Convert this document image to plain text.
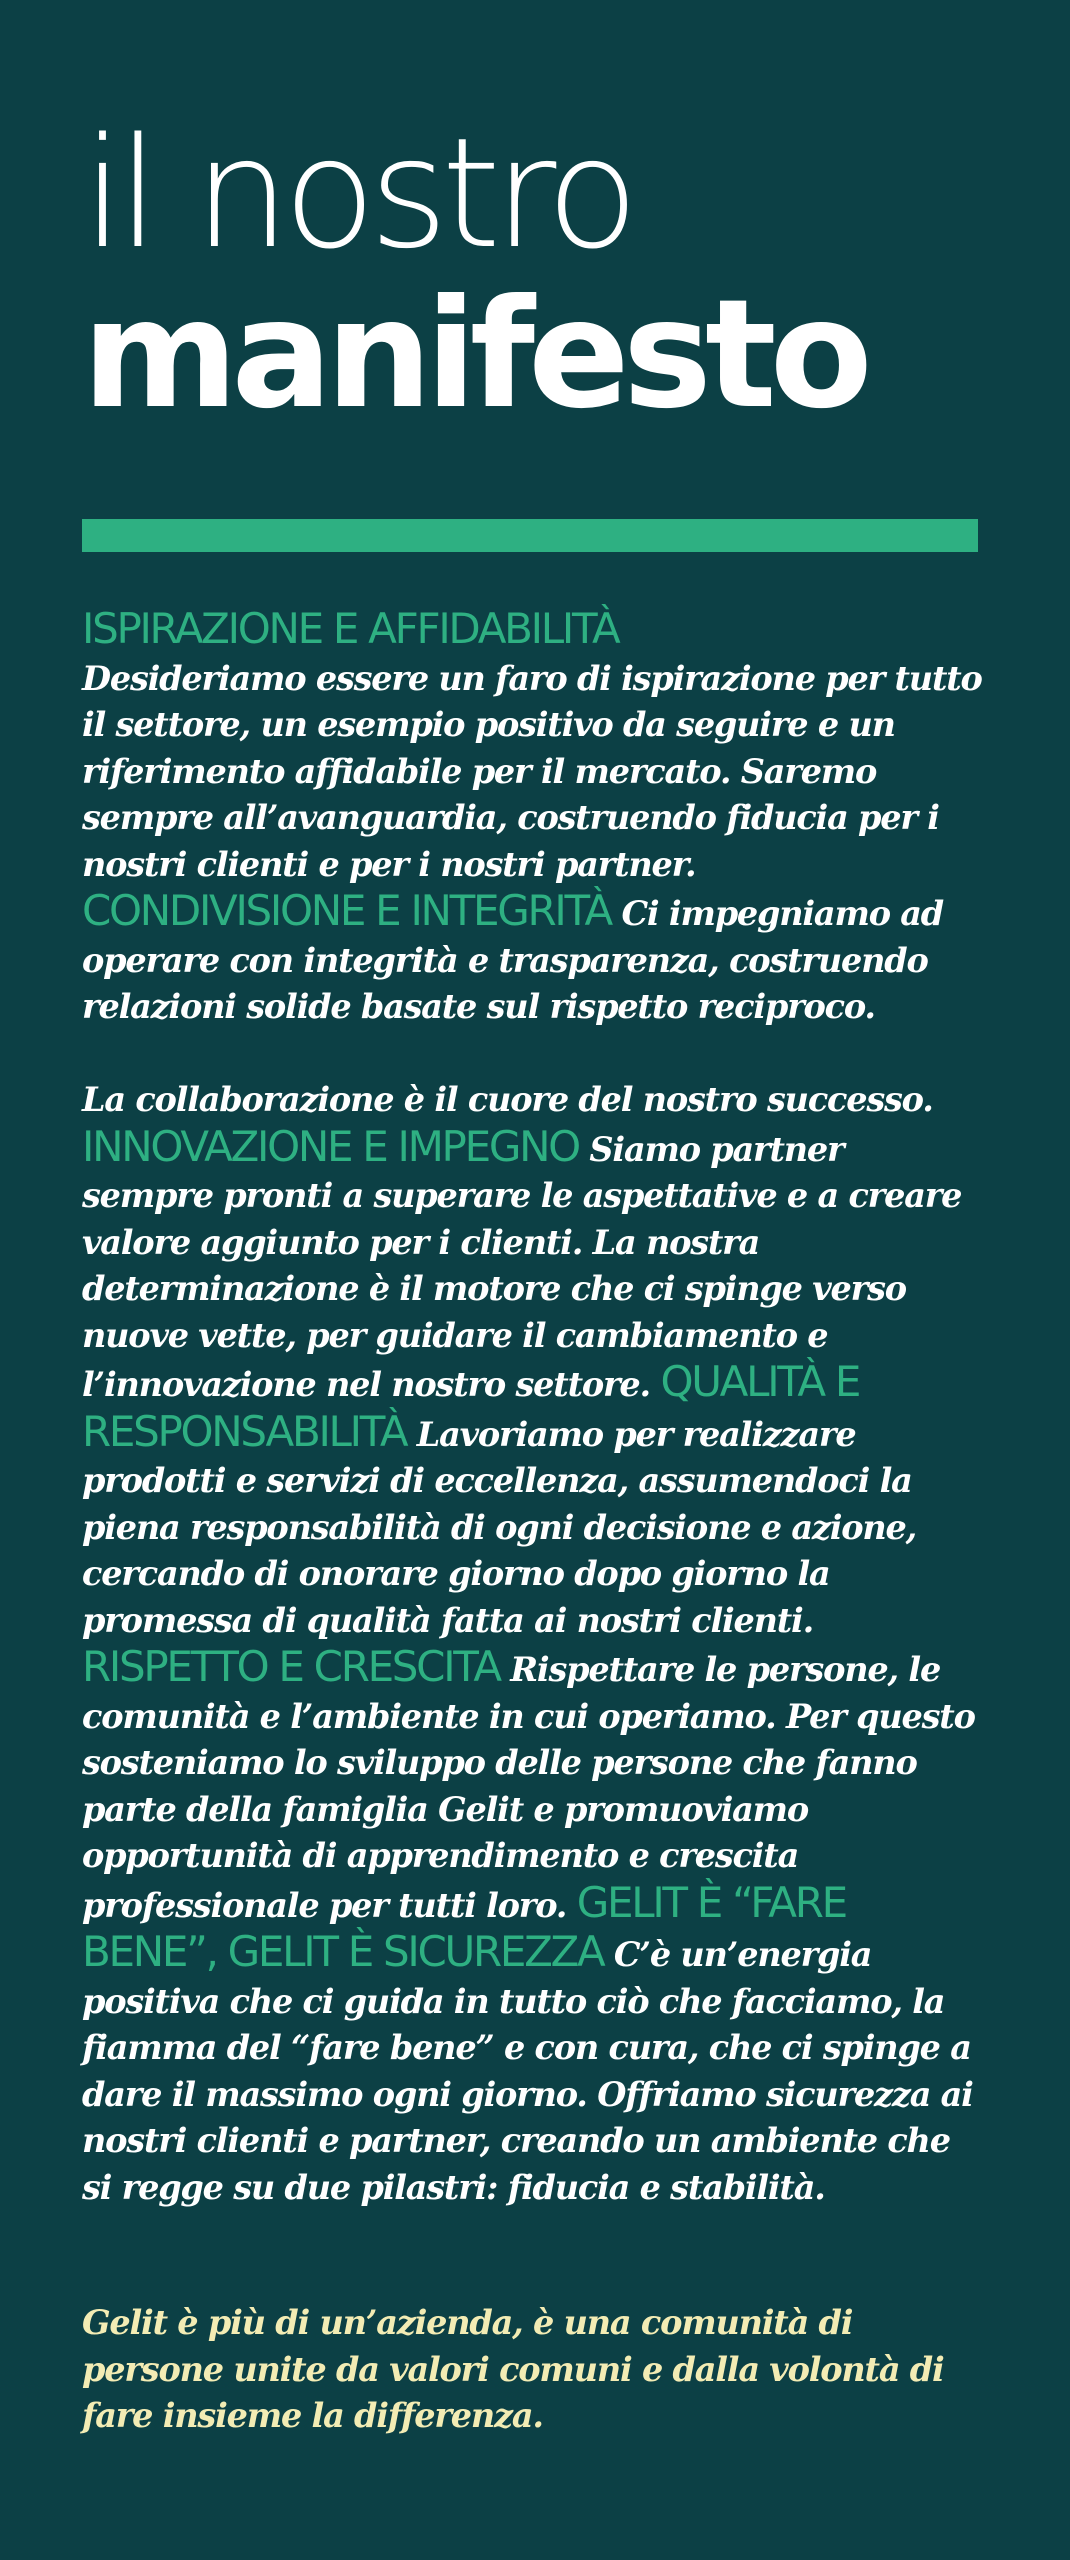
il nostro
manifesto

ISPIRAZIONE E AFFIDABILITÀ
Desideriamo essere un faro di ispirazione per tutto il settore, un esempio positivo da seguire e un riferimento affidabile per il mercato. Saremo sempre all’avanguardia, costruendo fiducia per i nostri clienti e per i nostri partner.

CONDIVISIONE E INTEGRITÀ Ci impegniamo ad operare con integrità e trasparenza, costruendo relazioni solide basate sul rispetto reciproco.

La collaborazione è il cuore del nostro successo.

INNOVAZIONE E IMPEGNO Siamo partner sempre pronti a superare le aspettative e a creare valore aggiunto per i clienti. La nostra determinazione è il motore che ci spinge verso nuove vette, per guidare il cambiamento e l’innovazione nel nostro settore. QUALITÀ E RESPONSABILITÀ Lavoriamo per realizzare prodotti e servizi di eccellenza, assumendoci la piena responsabilità di ogni decisione e azione, cercando di onorare giorno dopo giorno la promessa di qualità fatta ai nostri clienti. RISPETTO E CRESCITA Rispettare le persone, le comunità e l’ambiente in cui operiamo. Per questo sosteniamo lo sviluppo delle persone che fanno parte della famiglia Gelit e promuoviamo opportunità di apprendimento e crescita professionale per tutti loro. GELIT È “FARE BENE”, GELIT È SICUREZZA C’è un’energia positiva che ci guida in tutto ciò che facciamo, la fiamma del “fare bene” e con cura, che ci spinge a dare il massimo ogni giorno. Offriamo sicurezza ai nostri clienti e partner, creando un ambiente che si regge su due pilastri: fiducia e stabilità.

Gelit è più di un’azienda, è una comunità di persone unite da valori comuni e dalla volontà di fare insieme la differenza.
